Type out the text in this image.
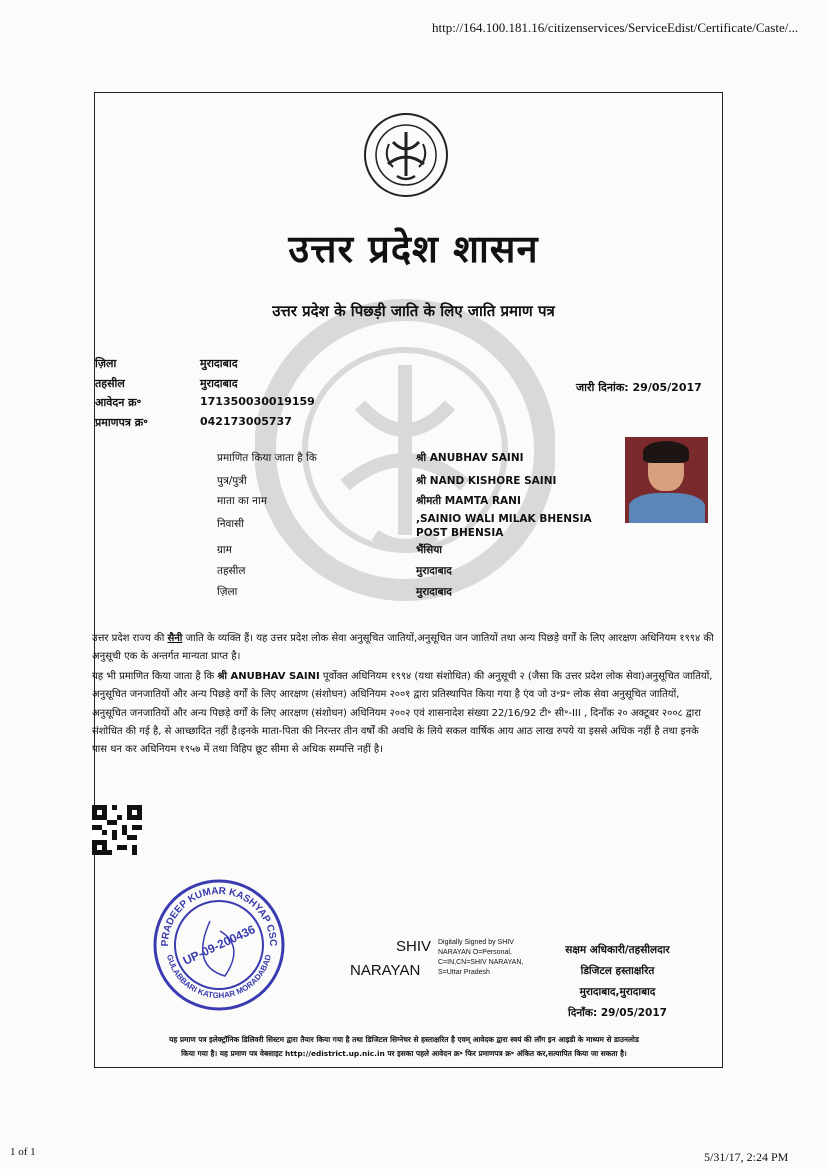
http://164.100.181.16/citizenservices/ServiceEdist/Certificate/Caste/...
उत्तर प्रदेश शासन
उत्तर प्रदेश के पिछड़ी जाति के लिए जाति प्रमाण पत्र
ज़िला	मुरादाबाद
तहसील	मुरादाबाद
आवेदन क्र॰	171350030019159
प्रमाणपत्र क्र॰	042173005737
जारी दिनांक: 29/05/2017
प्रमाणित किया जाता है कि	श्री ANUBHAV SAINI
पुत्र/पुत्री	श्री NAND KISHORE SAINI
माता का नाम	श्रीमती MAMTA RANI
निवासी	,SAINIO WALI MILAK BHENSIA POST BHENSIA
ग्राम	भैंसिया
तहसील	मुरादाबाद
ज़िला	मुरादाबाद
उत्तर प्रदेश राज्य की सैनी जाति के व्यक्ति हैं। यह उत्तर प्रदेश लोक सेवा अनुसूचित जातियों,अनुसूचित जन जातियों तथा अन्य पिछड़े वर्गों के लिए आरक्षण अधिनियम १९९४ की अनुसूची एक के अन्तर्गत मान्यता प्राप्त है।
यह भी प्रमाणित किया जाता है कि श्री ANUBHAV SAINI पूर्वोक्त अधिनियम १९९४ (यथा संशोधित) की अनुसूची २ (जैसा कि उत्तर प्रदेश लोक सेवा)अनुसूचित जातियों, अनुसूचित जनजातियों और अन्य पिछड़े वर्गों के लिए आरक्षण (संशोधन) अधिनियम २००१ द्वारा प्रतिस्थापित किया गया है एंव जो उ॰प्र॰ लोक सेवा अनुसूचित जातियों, अनुसूचित जनजातियों और अन्य पिछड़े वर्गों के लिए आरक्षण (संशोधन) अधिनियम २००२ एवं शासनादेश संख्या 22/16/92 टी॰ सी॰-III , दिनाँक २० अक्टूबर २००८ द्वारा संशोधित की गई है, से आच्छादित नहीं है।इनके माता-पिता की निरन्तर तीन वर्षों की अवधि के लिये सकल वार्षिक आय आठ लाख रुपये या इससे अधिक नहीं है तथा इनके पास धन कर अधिनियम १९५७ में तथा विहिप छूट सीमा से अधिक सम्पत्ति नहीं है।
PRADEEP KUMAR KASHYAP CSC
GULABBARI KATGHAR MORADABAD
UP-09-200436	SHIV
NARAYAN
Digitally Signed by SHIV
NARAYAN O=Personal,
C=IN,CN=SHIV NARAYAN,
S=Uttar Pradesh
सक्षम अधिकारी/तहसीलदार
डिजिटल हस्ताक्षरित
मुरादाबाद,मुरादाबाद
दिनाँक: 29/05/2017
यह प्रमाण पत्र इलेक्ट्रॉनिक डिलिवरी सिस्टम द्वारा तैयार किया गया है तथा डिजिटल सिग्नेचर से हस्ताक्षरित है एवम् आवेदक द्वारा स्वयं की लॉग इन आइडी के माध्यम से डाउनलोड
किया गया है। यह प्रमाण पत्र वेबसाइट http://edistrict.up.nic.in पर इसका पहले आवेदन क्र॰ फिर प्रमाणपत्र क्र॰ अंकित कर,सत्यापित किया जा सकता है।
1 of 1	5/31/17, 2:24 PM
